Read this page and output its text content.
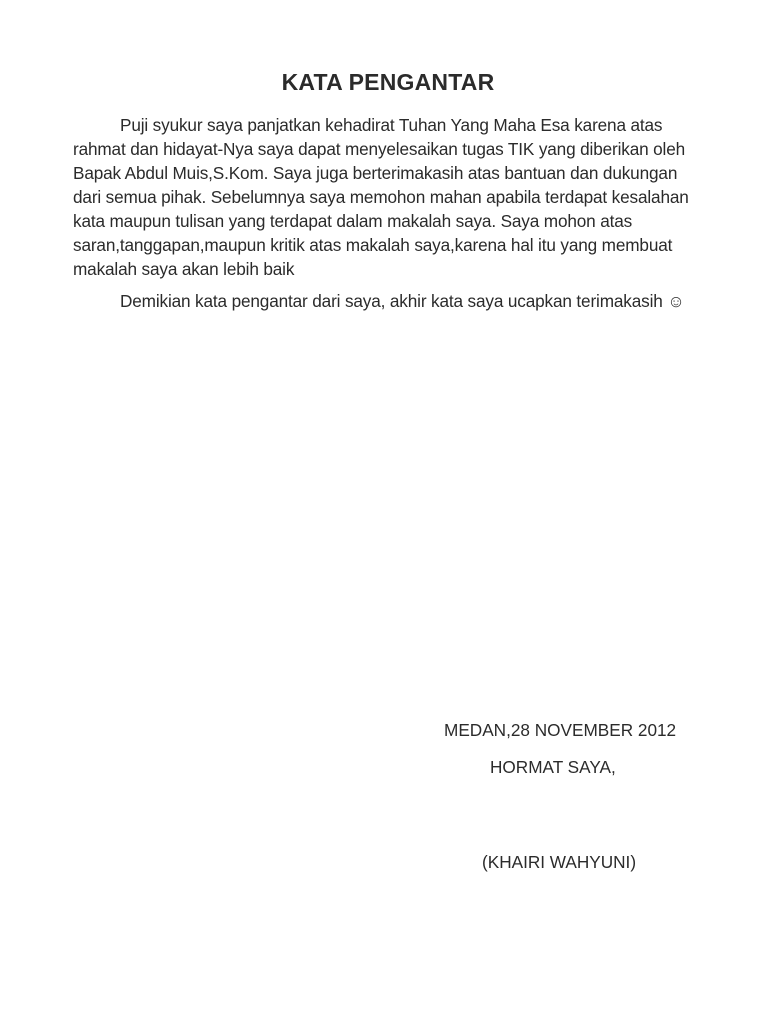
KATA PENGANTAR

Puji syukur saya panjatkan kehadirat Tuhan Yang Maha Esa karena atas rahmat dan hidayat-Nya saya dapat menyelesaikan tugas TIK yang diberikan oleh Bapak Abdul Muis,S.Kom. Saya juga berterimakasih atas bantuan dan dukungan dari semua pihak. Sebelumnya saya memohon mahan apabila terdapat kesalahan kata maupun tulisan yang terdapat dalam makalah saya. Saya mohon atas saran,tanggapan,maupun kritik atas makalah saya,karena hal itu yang membuat makalah saya akan lebih baik

Demikian kata pengantar dari saya, akhir kata saya ucapkan terimakasih ☺

MEDAN,28 NOVEMBER 2012
HORMAT SAYA,
(KHAIRI WAHYUNI)
